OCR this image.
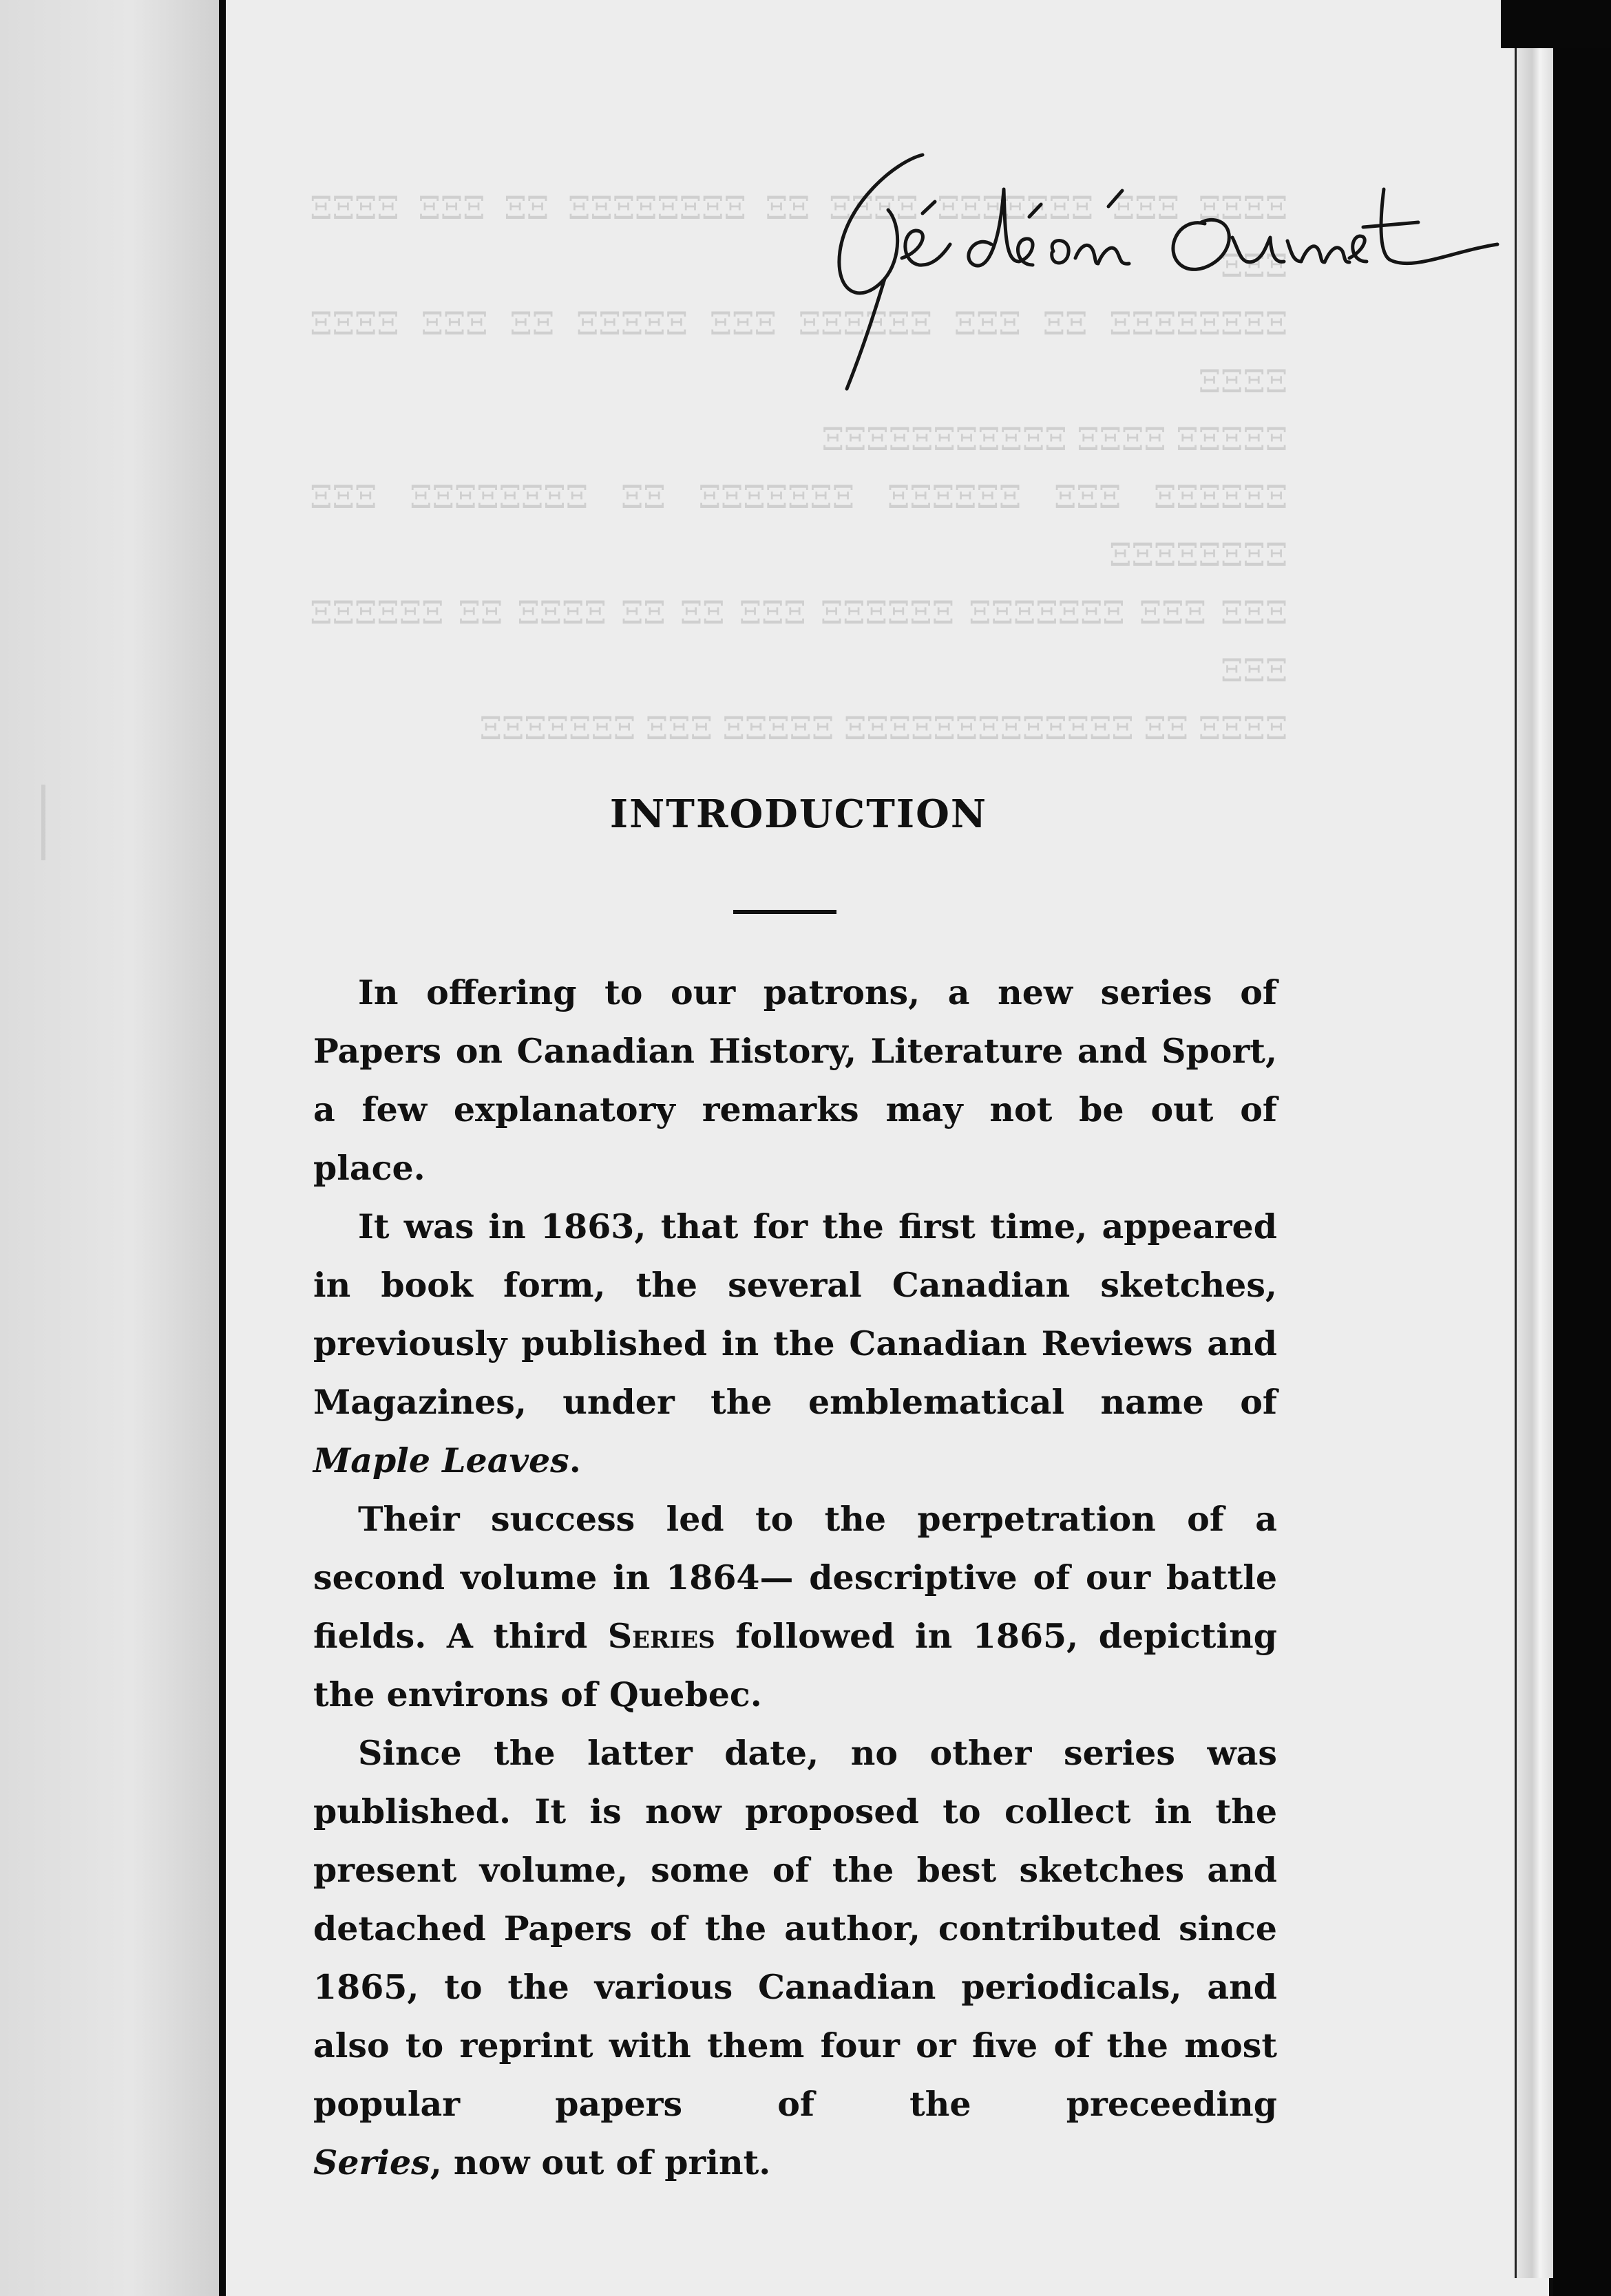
ΞΞΞΞ ΞΞΞ ΞΞΞΞΞΞΞ ΞΞΞΞ ΞΞ ΞΞΞΞΞΞΞΞ ΞΞ ΞΞΞ ΞΞΞΞ ΞΞΞ

ΞΞΞΞΞΞΞΞ ΞΞ ΞΞΞ ΞΞΞΞΞΞ ΞΞΞ ΞΞΞΞΞ ΞΞ ΞΞΞ ΞΞΞΞ ΞΞΞΞ

ΞΞΞΞΞ ΞΞΞΞ ΞΞΞΞΞΞΞΞΞΞΞ

ΞΞΞΞΞΞ ΞΞΞ ΞΞΞΞΞΞ ΞΞΞΞΞΞΞ ΞΞ ΞΞΞΞΞΞΞΞ ΞΞΞ ΞΞΞΞΞΞΞΞ

ΞΞΞ ΞΞΞ ΞΞΞΞΞΞΞ ΞΞΞΞΞΞ ΞΞΞ ΞΞ ΞΞ ΞΞΞΞ ΞΞ ΞΞΞΞΞΞ ΞΞΞ

ΞΞΞΞ ΞΞ ΞΞΞΞΞΞΞΞΞΞΞΞΞ ΞΞΞΞΞ ΞΞΞ ΞΞΞΞΞΞΞ

INTRODUCTION

In offering to our patrons, a new series of Papers on Canadian History, Literature and Sport, a few explanatory remarks may not be out of place.

It was in 1863, that for the first time, appeared in book form, the several Canadian sketches, previously published in the Canadian Reviews and Magazines, under the emblematical name of Maple Leaves.

Their success led to the perpetration of a second volume in 1864— descriptive of our battle fields. A third Series followed in 1865, depicting the environs of Quebec.

Since the latter date, no other series was published. It is now proposed to collect in the present volume, some of the best sketches and detached Papers of the author, contributed since 1865, to the various Canadian periodicals, and also to reprint with them four or five of the most popular papers of the preceeding

Series, now out of print.
